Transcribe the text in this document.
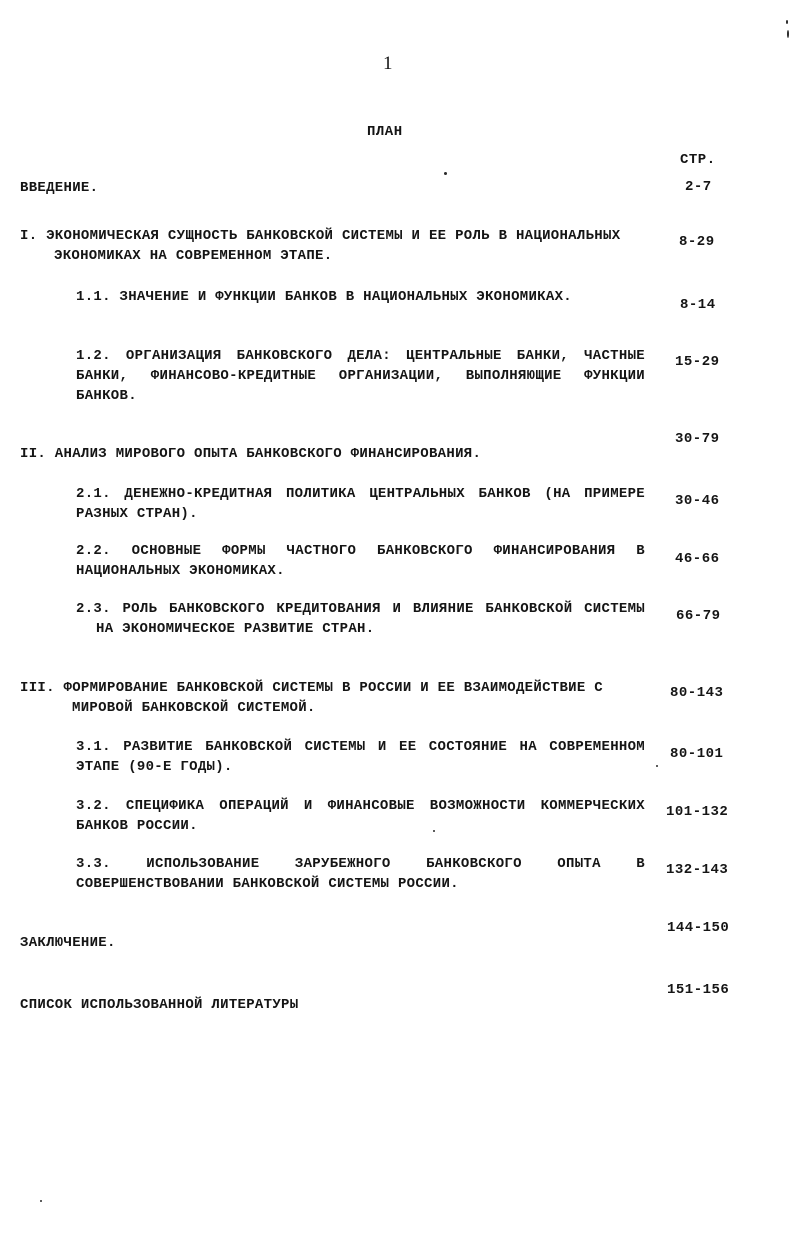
1
ПЛАН
СТР.
ВВЕДЕНИЕ.	2-7
I. ЭКОНОМИЧЕСКАЯ СУЩНОСТЬ БАНКОВСКОЙ СИСТЕМЫ И ЕЕ РОЛЬ В НАЦИОНАЛЬНЫХ ЭКОНОМИКАХ НА СОВРЕМЕННОМ ЭТАПЕ.
8-29
1.1. ЗНАЧЕНИЕ И ФУНКЦИИ БАНКОВ В НАЦИОНАЛЬНЫХ ЭКОНОМИКАХ.	8-14
1.2. ОРГАНИЗАЦИЯ БАНКОВСКОГО ДЕЛА: ЦЕНТРАЛЬНЫЕ БАНКИ, ЧАСТНЫЕ БАНКИ, ФИНАНСОВО-КРЕДИТНЫЕ ОРГАНИЗАЦИИ, ВЫПОЛНЯЮЩИЕ ФУНКЦИИ БАНКОВ.
15-29
II. АНАЛИЗ МИРОВОГО ОПЫТА БАНКОВСКОГО ФИНАНСИРОВАНИЯ.
30-79
2.1. ДЕНЕЖНО-КРЕДИТНАЯ ПОЛИТИКА ЦЕНТРАЛЬНЫХ БАНКОВ (НА ПРИМЕРЕ РАЗНЫХ СТРАН).
30-46
2.2. ОСНОВНЫЕ ФОРМЫ ЧАСТНОГО БАНКОВСКОГО ФИНАНСИРОВАНИЯ В НАЦИОНАЛЬНЫХ ЭКОНОМИКАХ.
46-66
2.3. РОЛЬ БАНКОВСКОГО КРЕДИТОВАНИЯ И ВЛИЯНИЕ БАНКОВСКОЙ СИСТЕМЫ НА ЭКОНОМИЧЕСКОЕ РАЗВИТИЕ СТРАН.
66-79
III. ФОРМИРОВАНИЕ БАНКОВСКОЙ СИСТЕМЫ В РОССИИ И ЕЕ ВЗАИМОДЕЙСТВИЕ С МИРОВОЙ БАНКОВСКОЙ СИСТЕМОЙ.
80-143
3.1. РАЗВИТИЕ БАНКОВСКОЙ СИСТЕМЫ И ЕЕ СОСТОЯНИЕ НА СОВРЕМЕННОМ ЭТАПЕ (90-Е ГОДЫ).
80-101
3.2. СПЕЦИФИКА ОПЕРАЦИЙ И ФИНАНСОВЫЕ ВОЗМОЖНОСТИ КОММЕРЧЕСКИХ БАНКОВ РОССИИ.
101-132
3.3. ИСПОЛЬЗОВАНИЕ ЗАРУБЕЖНОГО БАНКОВСКОГО ОПЫТА В СОВЕРШЕНСТВОВАНИИ БАНКОВСКОЙ СИСТЕМЫ РОССИИ.
132-143
ЗАКЛЮЧЕНИЕ.
144-150
СПИСОК ИСПОЛЬЗОВАННОЙ ЛИТЕРАТУРЫ
151-156
